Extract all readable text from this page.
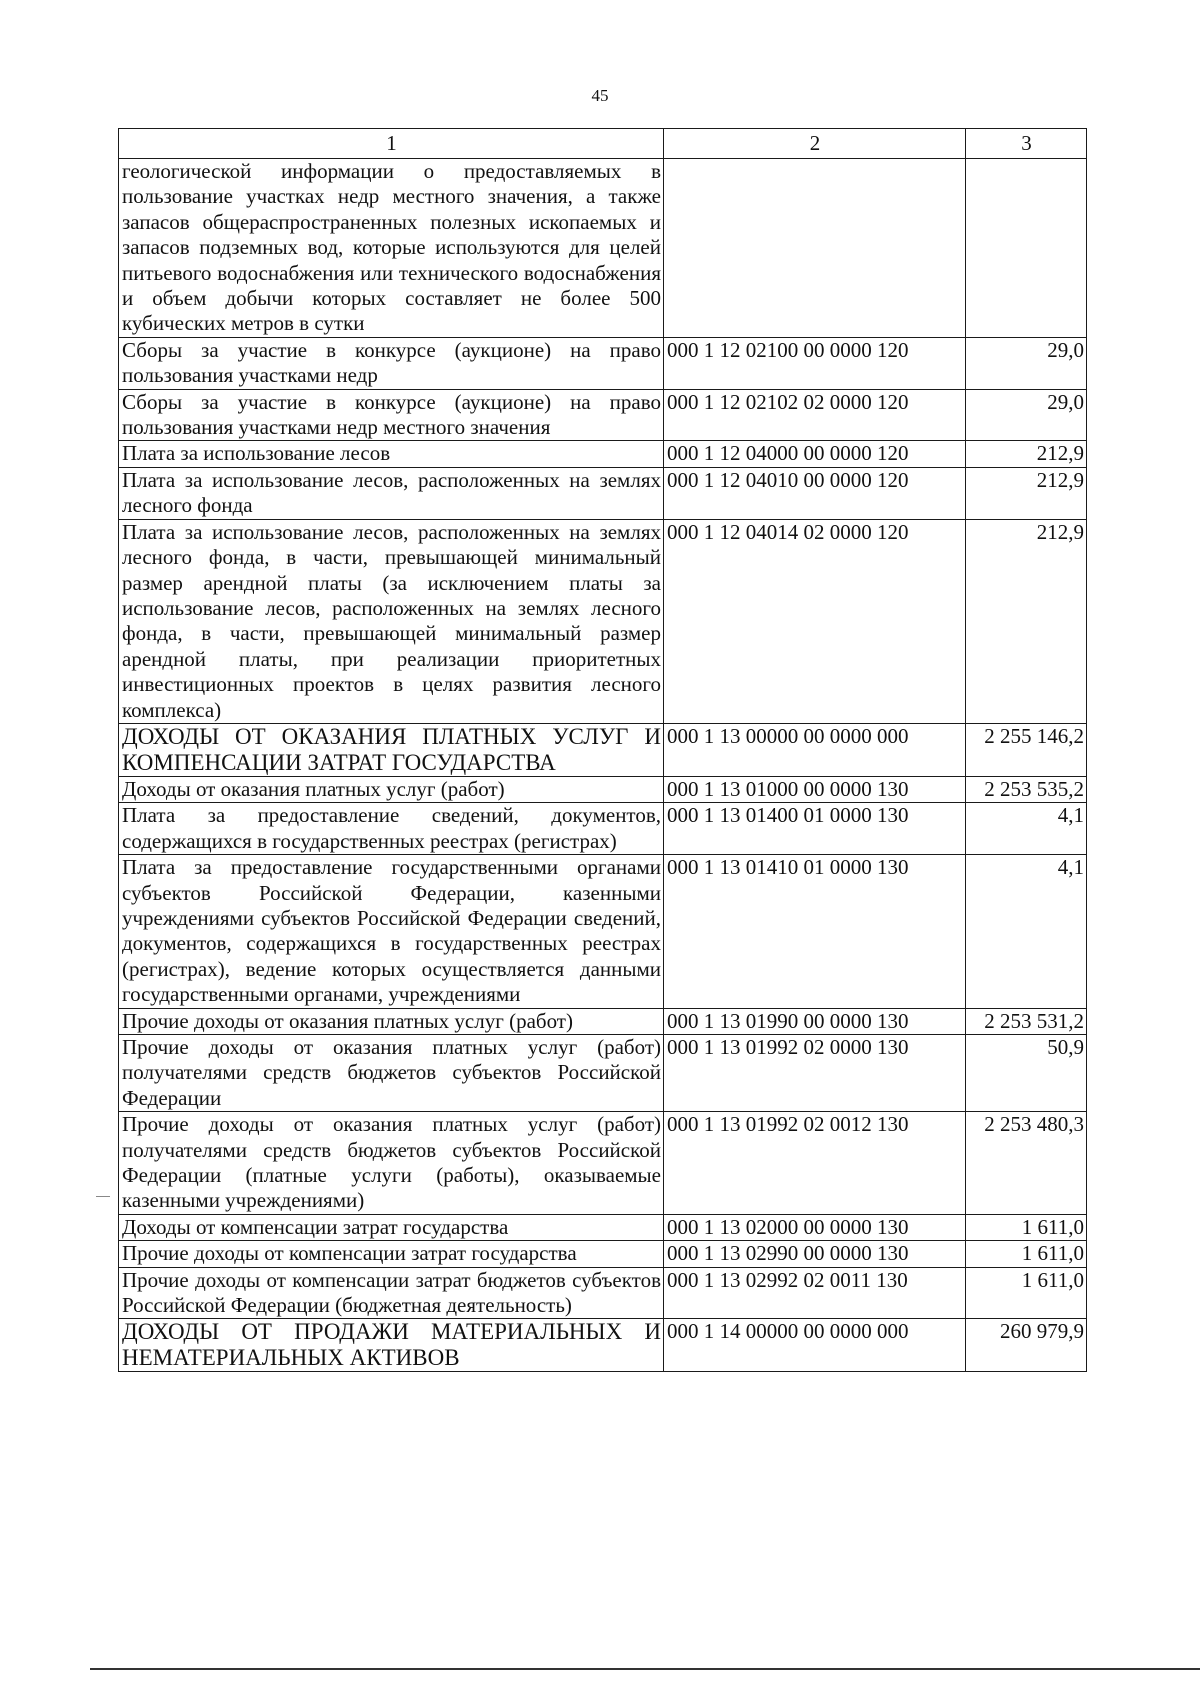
45
1	2	3
геологической информации о предоставляемых в пользование участках недр местного значения, а также запасов общераспространенных полезных ископаемых и запасов подземных вод, которые используются для целей питьевого водоснабжения или технического водоснабжения и объем добычи которых составляет не более 500 кубических метров в сутки		
Сборы за участие в конкурсе (аукционе) на право пользования участками недр	000 1 12 02100 00 0000 120	29,0
Сборы за участие в конкурсе (аукционе) на право пользования участками недр местного значения	000 1 12 02102 02 0000 120	29,0
Плата за использование лесов	000 1 12 04000 00 0000 120	212,9
Плата за использование лесов, расположенных на землях лесного фонда	000 1 12 04010 00 0000 120	212,9
Плата за использование лесов, расположенных на землях лесного фонда, в части, превышающей минимальный размер арендной платы (за исключением платы за использование лесов, расположенных на землях лесного фонда, в части, превышающей минимальный размер арендной платы, при реализации приоритетных инвестиционных проектов в целях развития лесного комплекса)	000 1 12 04014 02 0000 120	212,9
ДОХОДЫ ОТ ОКАЗАНИЯ ПЛАТНЫХ УСЛУГ И КОМПЕНСАЦИИ ЗАТРАТ ГОСУДАРСТВА	000 1 13 00000 00 0000 000	2 255 146,2
Доходы от оказания платных услуг (работ)	000 1 13 01000 00 0000 130	2 253 535,2
Плата за предоставление сведений, документов, содержащихся в государственных реестрах (регистрах)	000 1 13 01400 01 0000 130	4,1
Плата за предоставление государственными органами субъектов Российской Федерации, казенными учреждениями субъектов Российской Федерации сведений, документов, содержащихся в государственных реестрах (регистрах), ведение которых осуществляется данными государственными органами, учреждениями	000 1 13 01410 01 0000 130	4,1
Прочие доходы от оказания платных услуг (работ)	000 1 13 01990 00 0000 130	2 253 531,2
Прочие доходы от оказания платных услуг (работ) получателями средств бюджетов субъектов Российской Федерации	000 1 13 01992 02 0000 130	50,9
Прочие доходы от оказания платных услуг (работ) получателями средств бюджетов субъектов Российской Федерации (платные услуги (работы), оказываемые казенными учреждениями)	000 1 13 01992 02 0012 130	2 253 480,3
Доходы от компенсации затрат государства	000 1 13 02000 00 0000 130	1 611,0
Прочие доходы от компенсации затрат государства	000 1 13 02990 00 0000 130	1 611,0
Прочие доходы от компенсации затрат бюджетов субъектов Российской Федерации (бюджетная деятельность)	000 1 13 02992 02 0011 130	1 611,0
ДОХОДЫ ОТ ПРОДАЖИ МАТЕРИАЛЬНЫХ И НЕМАТЕРИАЛЬНЫХ АКТИВОВ	000 1 14 00000 00 0000 000	260 979,9
